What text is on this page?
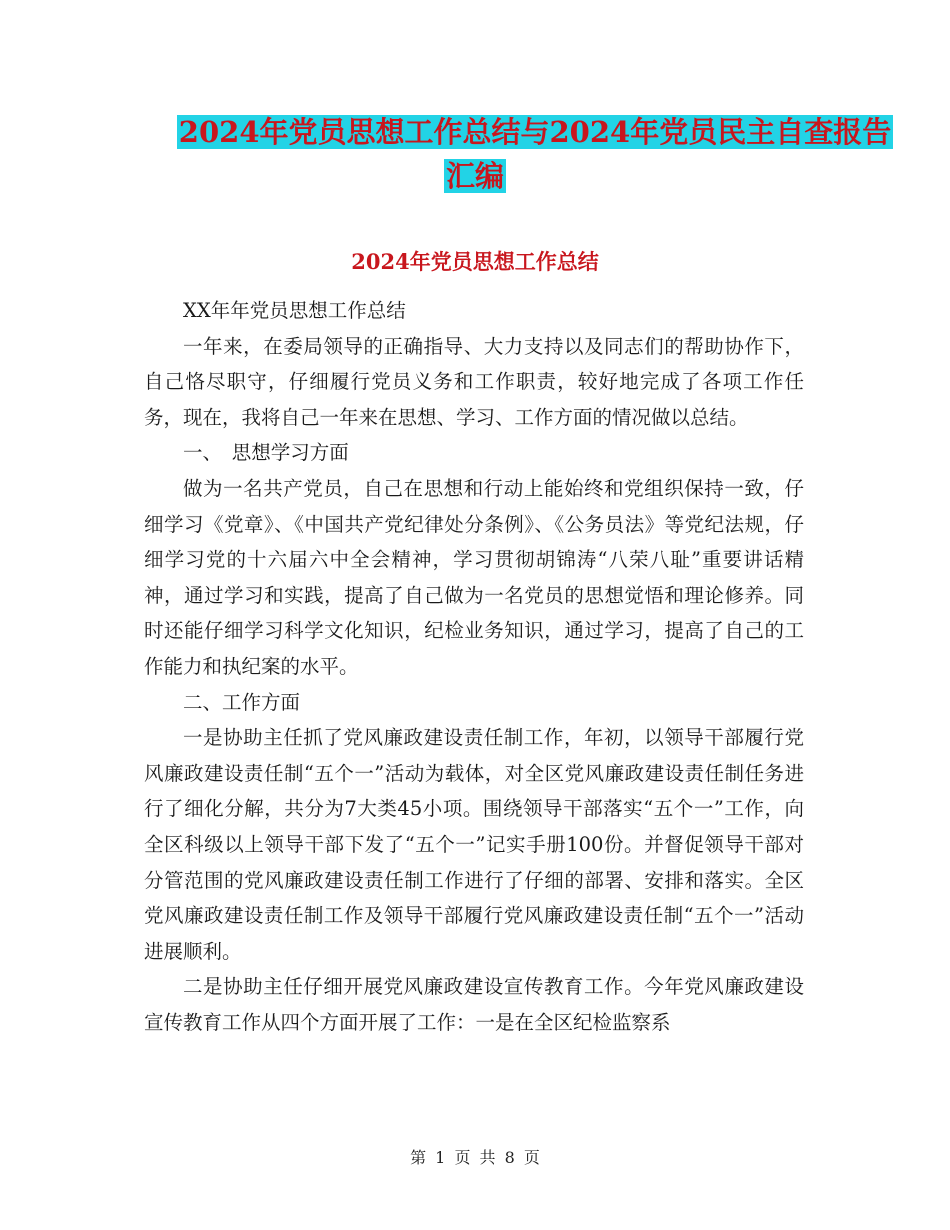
2024年党员思想工作总结与2024年党员民主自查报告
汇编
2024年党员思想工作总结

XX年年党员思想工作总结

一年来，在委局领导的正确指导、大力支持以及同志们的帮助协作下，自己恪尽职守，仔细履行党员义务和工作职责，较好地完成了各项工作任务，现在，我将自己一年来在思想、学习、工作方面的情况做以总结。

一、　思想学习方面

做为一名共产党员，自己在思想和行动上能始终和党组织保持一致，仔细学习《党章》、《中国共产党纪律处分条例》、《公务员法》等党纪法规，仔细学习党的十六届六中全会精神，学习贯彻胡锦涛“八荣八耻”重要讲话精神，通过学习和实践，提高了自己做为一名党员的思想觉悟和理论修养。同时还能仔细学习科学文化知识，纪检业务知识，通过学习，提高了自己的工作能力和执纪案的水平。

二、工作方面

一是协助主任抓了党风廉政建设责任制工作，年初，以领导干部履行党风廉政建设责任制“五个一”活动为载体，对全区党风廉政建设责任制任务进行了细化分解，共分为7大类45小项。围绕领导干部落实“五个一”工作，向全区科级以上领导干部下发了“五个一”记实手册100份。并督促领导干部对分管范围的党风廉政建设责任制工作进行了仔细的部署、安排和落实。全区党风廉政建设责任制工作及领导干部履行党风廉政建设责任制“五个一”活动进展顺利。

二是协助主任仔细开展党风廉政建设宣传教育工作。今年党风廉政建设宣传教育工作从四个方面开展了工作：一是在全区纪检监察系

第 1 页 共 8 页
